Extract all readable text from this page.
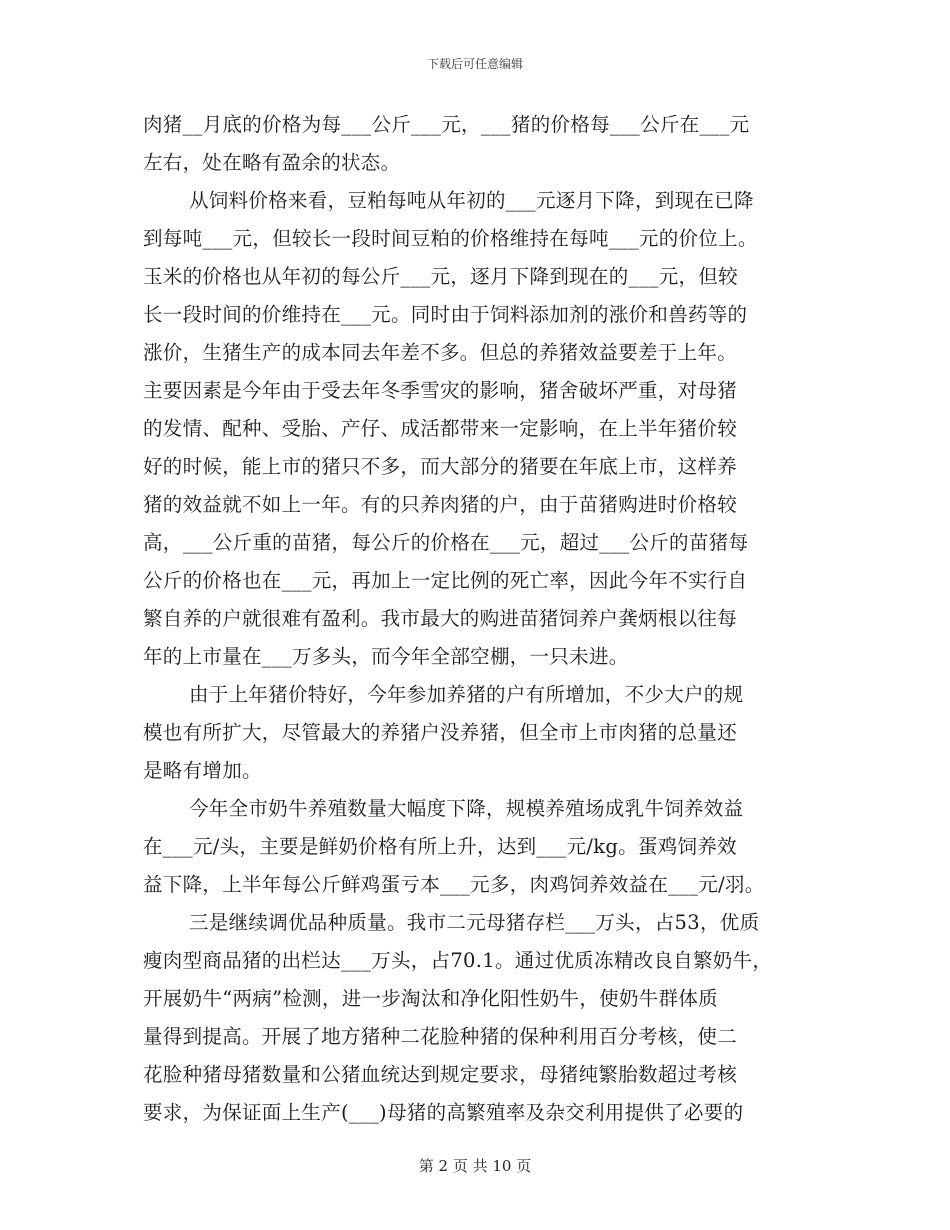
下载后可任意编辑
肉猪__月底的价格为每___公斤___元，___猪的价格每___公斤在___元
左右，处在略有盈余的状态。
从饲料价格来看，豆粕每吨从年初的___元逐月下降，到现在已降
到每吨___元，但较长一段时间豆粕的价格维持在每吨___元的价位上。
玉米的价格也从年初的每公斤___元，逐月下降到现在的___元，但较
长一段时间的价维持在___元。同时由于饲料添加剂的涨价和兽药等的
涨价，生猪生产的成本同去年差不多。但总的养猪效益要差于上年。
主要因素是今年由于受去年冬季雪灾的影响，猪舍破坏严重，对母猪
的发情、配种、受胎、产仔、成活都带来一定影响，在上半年猪价较
好的时候，能上市的猪只不多，而大部分的猪要在年底上市，这样养
猪的效益就不如上一年。有的只养肉猪的户，由于苗猪购进时价格较
高，___公斤重的苗猪，每公斤的价格在___元，超过___公斤的苗猪每
公斤的价格也在___元，再加上一定比例的死亡率，因此今年不实行自
繁自养的户就很难有盈利。我市最大的购进苗猪饲养户龚炳根以往每
年的上市量在___万多头，而今年全部空棚，一只未进。
由于上年猪价特好，今年参加养猪的户有所增加，不少大户的规
模也有所扩大，尽管最大的养猪户没养猪，但全市上市肉猪的总量还
是略有增加。
今年全市奶牛养殖数量大幅度下降，规模养殖场成乳牛饲养效益
在___元/头，主要是鲜奶价格有所上升，达到___元/kg。蛋鸡饲养效
益下降，上半年每公斤鲜鸡蛋亏本___元多，肉鸡饲养效益在___元/羽。
三是继续调优品种质量。我市二元母猪存栏___万头，占53，优质
瘦肉型商品猪的出栏达___万头，占70.1。通过优质冻精改良自繁奶牛，
开展奶牛“两病”检测，进一步淘汰和净化阳性奶牛，使奶牛群体质
量得到提高。开展了地方猪种二花脸种猪的保种利用百分考核，使二
花脸种猪母猪数量和公猪血统达到规定要求，母猪纯繁胎数超过考核
要求，为保证面上生产(___)母猪的高繁殖率及杂交利用提供了必要的
第 2 页 共 10 页
